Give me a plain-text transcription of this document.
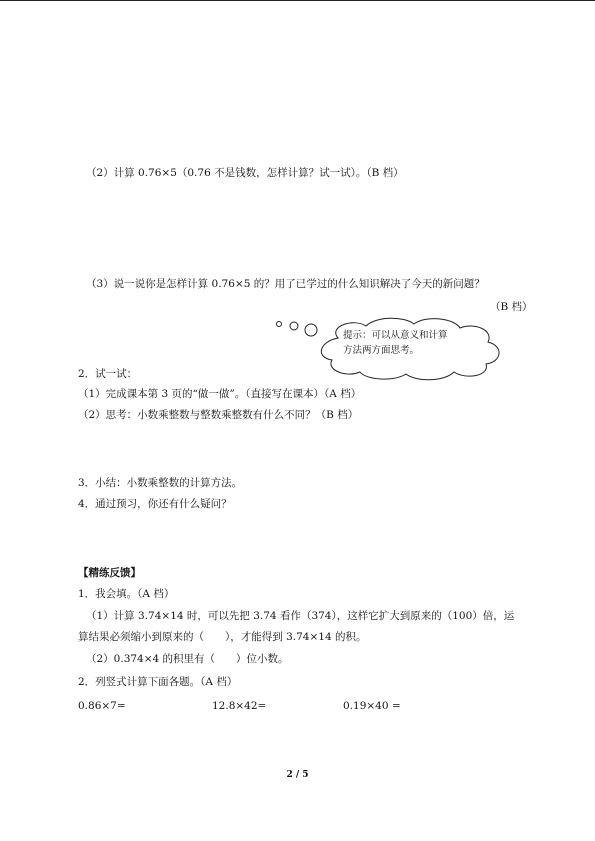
（2）计算 0.76×5（0.76 不是钱数，怎样计算？试一试）。（B 档）
（3）说一说你是怎样计算 0.76×5 的？用了已学过的什么知识解决了今天的新问题？
（B 档）
提示：可以从意义和计算
方法两方面思考。
2．试一试：
（1）完成课本第 3 页的“做一做”。（直接写在课本）（A 档）
（2）思考：小数乘整数与整数乘整数有什么不同？（B 档）
3．小结：小数乘整数的计算方法。
4．通过预习，你还有什么疑问？
【精练反馈】
1．我会填。（A 档）
（1）计算 3.74×14 时，可以先把 3.74 看作（374），这样它扩大到原来的（100）倍，运
算结果必须缩小到原来的（　　），才能得到 3.74×14 的积。
（2）0.374×4 的积里有（　　）位小数。
2．列竖式计算下面各题。（A 档）
0.86×7=	12.8×42=	0.19×40 =
2 / 5
